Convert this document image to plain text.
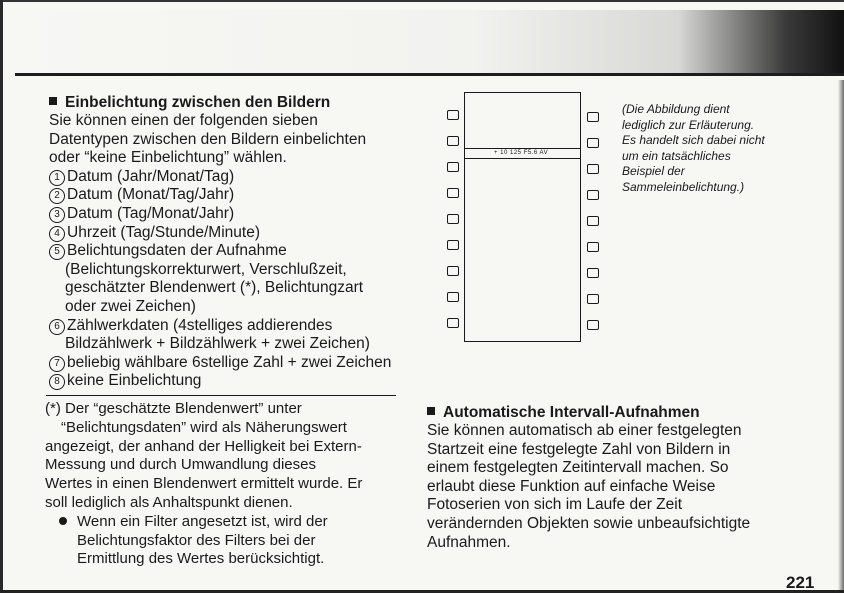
Einbelichtung zwischen den Bildern

Sie können einen der folgenden sieben
Datentypen zwischen den Bildern einbelichten
oder “keine Einbelichtung” wählen.

1 Datum (Jahr/Monat/Tag)
2 Datum (Monat/Tag/Jahr)
3 Datum (Tag/Monat/Jahr)
4 Uhrzeit (Tag/Stunde/Minute)
5 Belichtungsdaten der Aufnahme
(Belichtungskorrekturwert, Verschlußzeit,
geschätzter Blendenwert (*), Belichtungzart
oder zwei Zeichen)
6 Zählwerkdaten (4stelliges addierendes
Bildzählwerk + Bildzählwerk + zwei Zeichen)
7 beliebig wählbare 6stellige Zahl + zwei Zeichen
8 keine Einbelichtung
(*) Der “geschätzte Blendenwert” unter
“Belichtungsdaten” wird als Näherungswert
angezeigt, der anhand der Helligkeit bei Extern-
Messung und durch Umwandlung dieses
Wertes in einen Blendenwert ermittelt wurde. Er
soll lediglich als Anhaltspunkt dienen.
Wenn ein Filter angesetzt ist, wird der
Belichtungsfaktor des Filters bei der
Ermittlung des Wertes berücksichtigt.
+ 10 125 F5.6 AV
(Die Abbildung dient
lediglich zur Erläuterung.
Es handelt sich dabei nicht
um ein tatsächliches
Beispiel der
Sammeleinbelichtung.)
Automatische Intervall-Aufnahmen

Sie können automatisch ab einer festgelegten
Startzeit eine festgelegte Zahl von Bildern in
einem festgelegten Zeitintervall machen. So
erlaubt diese Funktion auf einfache Weise
Fotoserien von sich im Laufe der Zeit
verändernden Objekten sowie unbeaufsichtigte
Aufnahmen.

221
